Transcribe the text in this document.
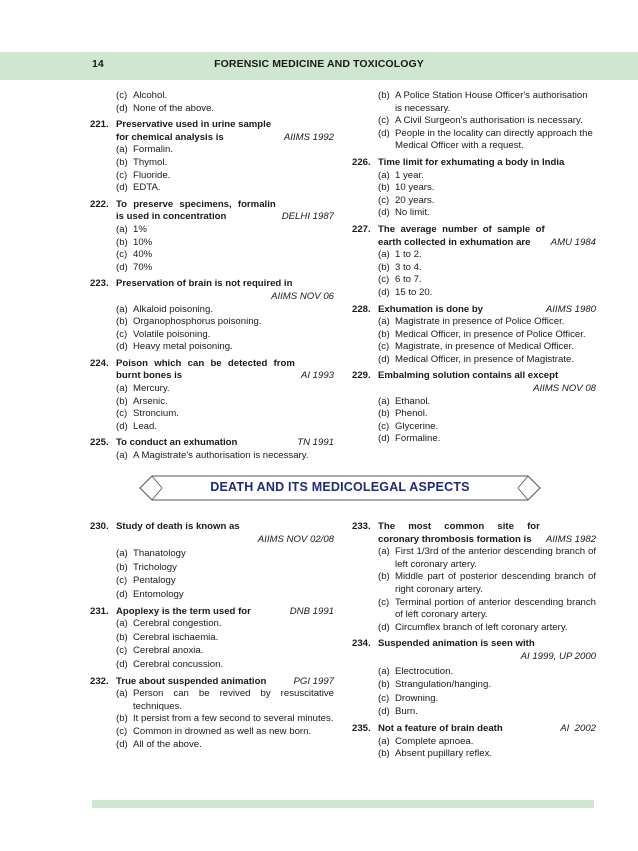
14	FORENSIC MEDICINE AND TOXICOLOGY
(c) Alcohol.
(d) None of the above.
221.
AIIMS 1992
Preservative used in urine sample for chemical analysis is
(a) Formalin.
(b) Thymol.
(c) Fluoride.
(d) EDTA.
222.
DELHI 1987
To preserve specimens, formalin is used in concentration
(a) 1%
(b) 10%
(c) 40%
(d) 70%
223. Preservation of brain is not required in
AIIMS NOV 06
(a) Alkaloid poisoning.
(b) Organophosphorus poisoning.
(c) Volatile poisoning.
(d) Heavy metal poisoning.
224.
AI 1993
Poison which can be detected from burnt bones is
(a) Mercury.
(b) Arsenic.
(c) Stroncium.
(d) Lead.
225.	TN 1991
To conduct an exhumation
(a) A Magistrate's authorisation is necessary.
(b) A Police Station House Officer's authorisation is necessary.
(c) A Civil Surgeon's authorisation is necessary.
(d) People in the locality can directly approach the Medical Officer with a request.
226. Time limit for exhumating a body in India
(a) 1 year.
(b) 10 years.
(c) 20 years.
(d) No limit.
227.
AMU 1984
The average number of sample of earth collected in exhumation are
(a) 1 to 2.
(b) 3 to 4.
(c) 6 to 7.
(d) 15 to 20.
228.	AIIMS 1980
Exhumation is done by
(a) Magistrate in presence of Police Officer.
(b) Medical Officer, in presence of Police Officer.
(c) Magistrate, in presence of Medical Officer.
(d) Medical Officer, in presence of Magistrate.
229. Embalming solution contains all except
AIIMS NOV 08
(a) Ethanol.
(b) Phenol.
(c) Glycerine.
(d) Formaline.
DEATH AND ITS MEDICOLEGAL ASPECTS
230. Study of death is known as
AIIMS NOV 02/08
(a) Thanatology
(b) Trichology
(c) Pentalogy
(d) Entomology
231.	DNB 1991
Apoplexy is the term used for
(a) Cerebral congestion.
(b) Cerebral ischaemia.
(c) Cerebral anoxia.
(d) Cerebral concussion.
232.	PGI 1997
True about suspended animation
(a) Person can be revived by resuscitative techniques.
(b) It persist from a few second to several minutes.
(c) Common in drowned as well as new born.
(d) All of the above.
233.
AIIMS 1982
The most common site for coronary thrombosis formation is
(a) First 1/3rd of the anterior descending branch of left coronary artery.
(b) Middle part of posterior descending branch of right coronary artery.
(c) Terminal portion of anterior descending branch of left coronary artery.
(d) Circumflex branch of left coronary artery.
234. Suspended animation is seen with
AI 1999, UP 2000
(a) Electrocution.
(b) Strangulation/hanging.
(c) Drowning.
(d) Burn.
235.	AI  2002
Not a feature of brain death
(a) Complete apnoea.
(b) Absent pupillary reflex.
